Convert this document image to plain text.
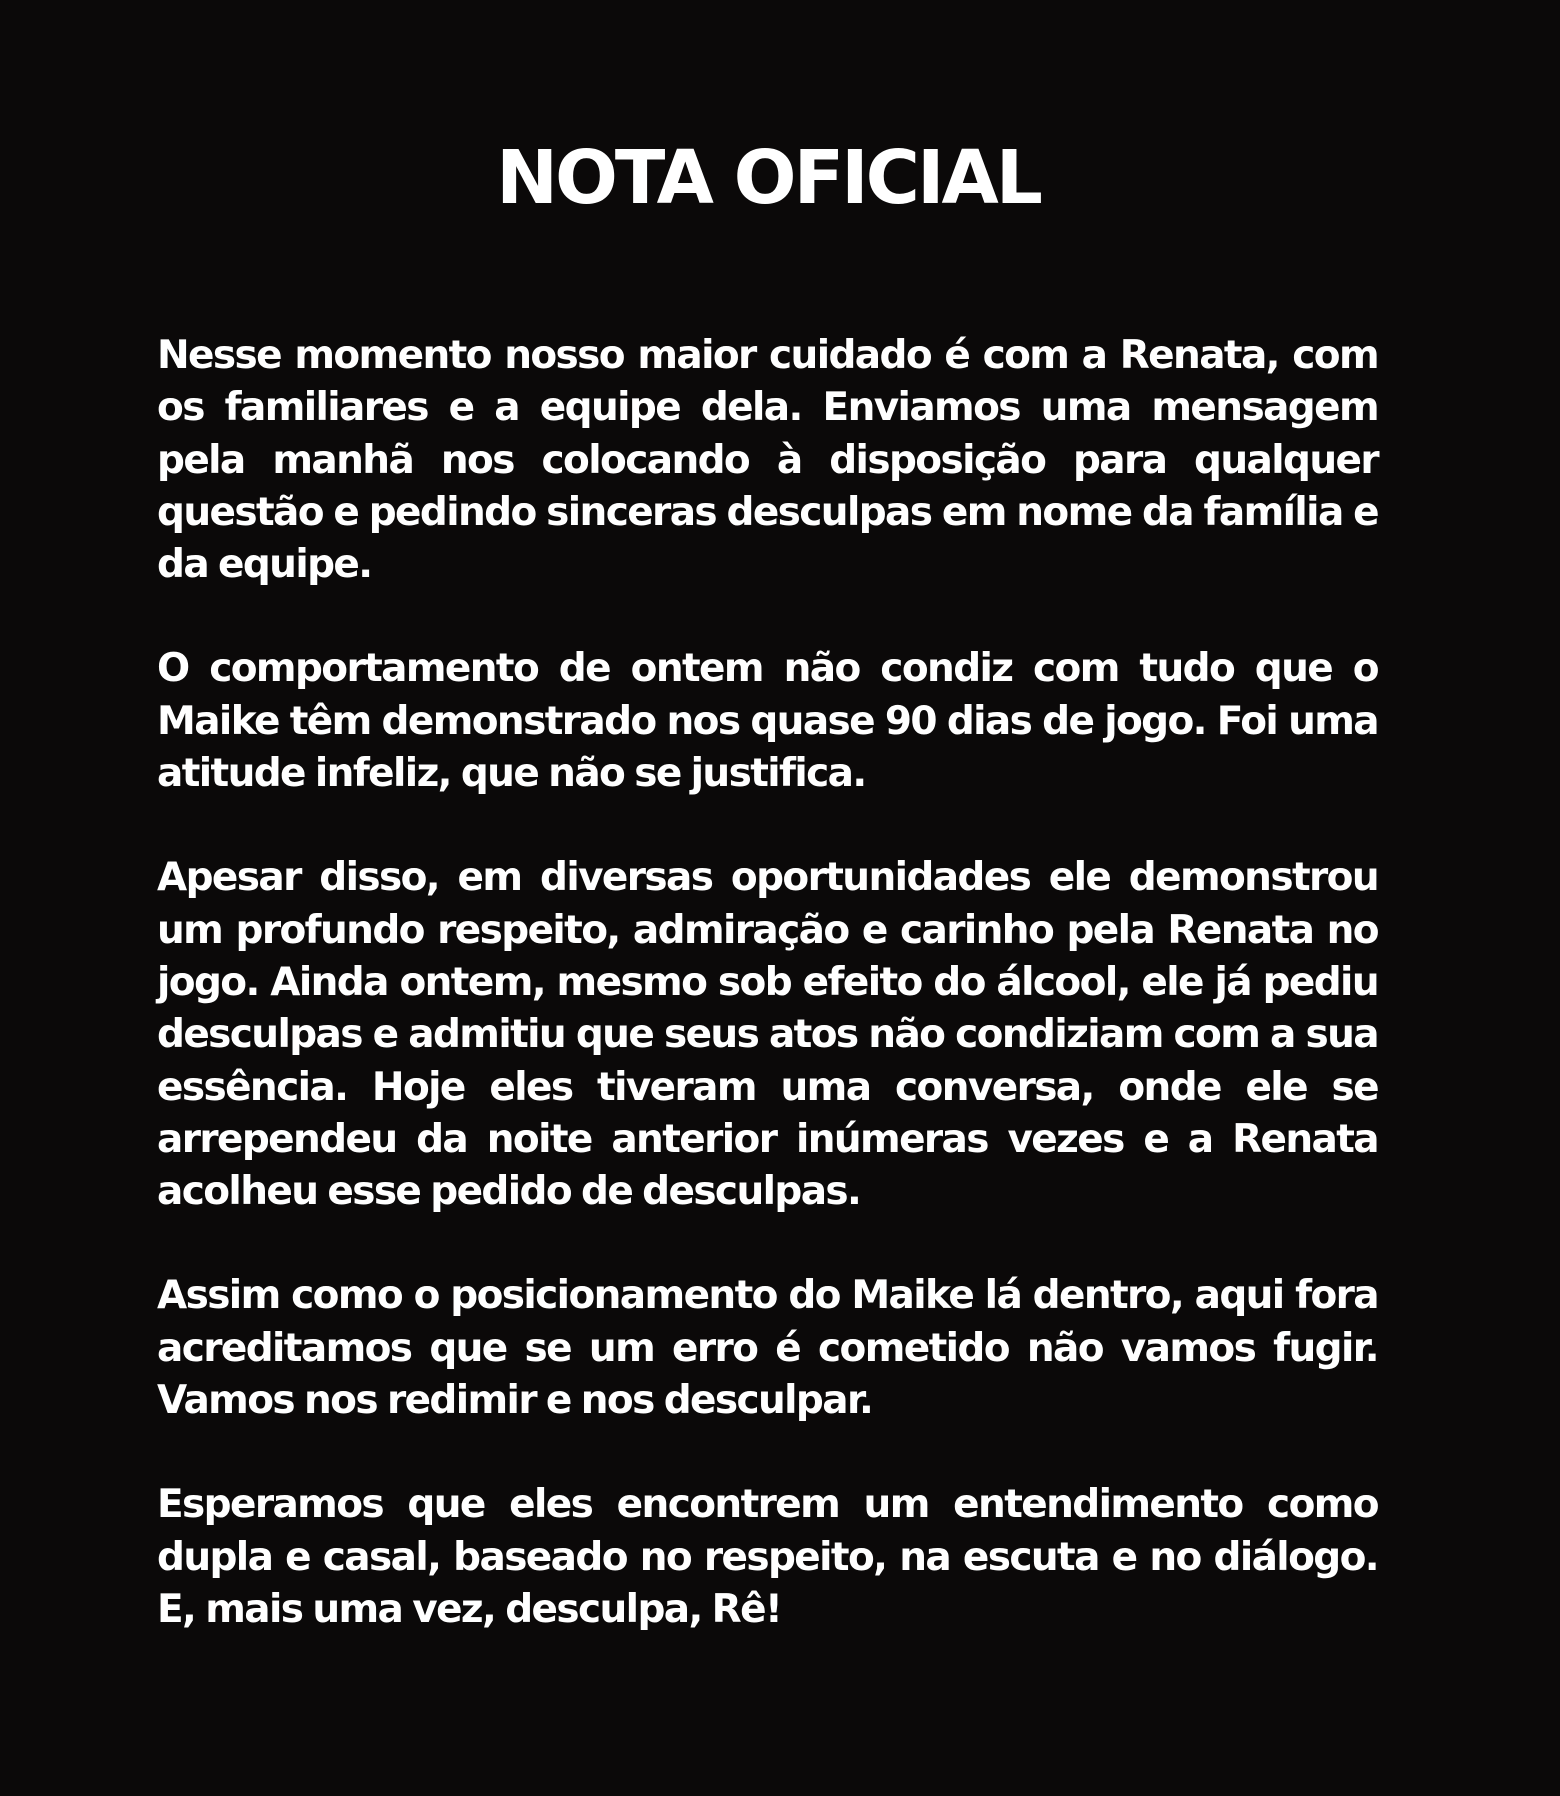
NOTA OFICIAL

Nesse momento nosso maior cuidado é com a Renata, com os familiares e a equipe dela. Enviamos uma mensagem pela manhã nos colocando à disposição para qualquer questão e pedindo sinceras desculpas em nome da família e da equipe.

O comportamento de ontem não condiz com tudo que o Maike têm demonstrado nos quase 90 dias de jogo. Foi uma atitude infeliz, que não se justifica.

Apesar disso, em diversas oportunidades ele demonstrou um profundo respeito, admiração e carinho pela Renata no jogo. Ainda ontem, mesmo sob efeito do álcool, ele já pediu desculpas e admitiu que seus atos não condiziam com a sua essência. Hoje eles tiveram uma conversa, onde ele se arrependeu da noite anterior inúmeras vezes e a Renata acolheu esse pedido de desculpas.

Assim como o posicionamento do Maike lá dentro, aqui fora acreditamos que se um erro é cometido não vamos fugir. Vamos nos redimir e nos desculpar.

Esperamos que eles encontrem um entendimento como dupla e casal, baseado no respeito, na escuta e no diálogo. E, mais uma vez, desculpa, Rê!
